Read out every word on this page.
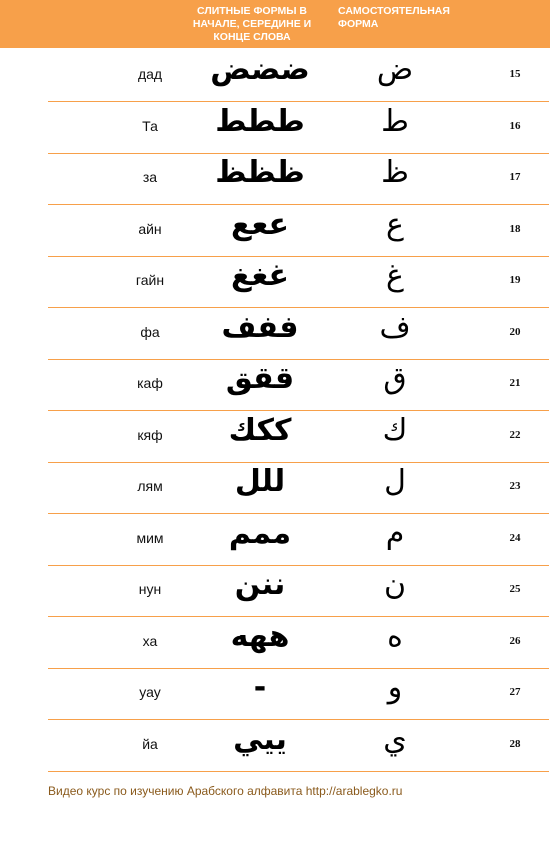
СЛИТНЫЕ ФОРМЫ В
НАЧАЛЕ, СЕРЕДИНЕ И
КОНЦЕ СЛОВА
САМОСТОЯТЕЛЬНАЯ
ФОРМА
дад	ضضض	ض	15
Та	ططط	ط	16
за	ظظظ	ظ	17
айн	ععع	ع	18
гайн	غغغ	غ	19
фа	ففف	ف	20
каф	ققق	ق	21
кяф	ككك	ك	22
лям	للل	ل	23
мим	ممم	م	24
нун	ننن	ن	25
ха	ههه	ه	26
уау	-	و	27
йа	ييي	ي	28
Видео курс по изучению Арабского алфавита http://arablegko.ru
